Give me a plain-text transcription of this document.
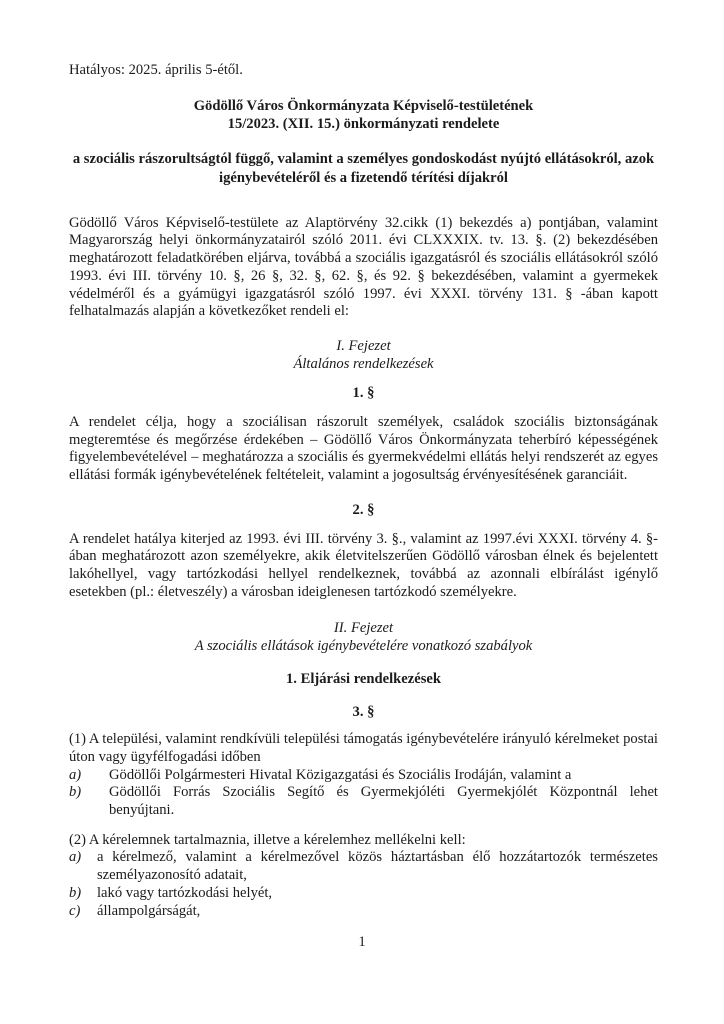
Hatályos: 2025. április 5-étől.

Gödöllő Város Önkormányzata Képviselő-testületének
15/2023. (XII. 15.) önkormányzati rendelete
a szociális rászorultságtól függő, valamint a személyes gondoskodást nyújtó ellátásokról, azok
igénybevételéről és a fizetendő térítési díjakról

Gödöllő Város Képviselő-testülete az Alaptörvény 32.cikk (1) bekezdés a) pontjában, valamint Magyarország helyi önkormányzatairól szóló 2011. évi CLXXXIX. tv. 13. §. (2) bekezdésében meghatározott feladatkörében eljárva, továbbá a szociális igazgatásról és szociális ellátásokról szóló 1993. évi III. törvény 10. §, 26 §, 32. §, 62. §, és 92. § bekezdésében, valamint a gyermekek védelméről és a gyámügyi igazgatásról szóló 1997. évi XXXI. törvény 131. § -ában kapott felhatalmazás alapján a következőket rendeli el:

I. Fejezet
Általános rendelkezések
1. §

A rendelet célja, hogy a szociálisan rászorult személyek, családok szociális biztonságának megteremtése és megőrzése érdekében – Gödöllő Város Önkormányzata teherbíró képességének figyelembevételével – meghatározza a szociális és gyermekvédelmi ellátás helyi rendszerét az egyes ellátási formák igénybevételének feltételeit, valamint a jogosultság érvényesítésének garanciáit.

2. §

A rendelet hatálya kiterjed az 1993. évi III. törvény 3. §., valamint az 1997.évi XXXI. törvény 4. §-ában meghatározott azon személyekre, akik életvitelszerűen Gödöllő városban élnek és bejelentett lakóhellyel, vagy tartózkodási hellyel rendelkeznek, továbbá az azonnali elbírálást igénylő esetekben (pl.: életveszély) a városban ideiglenesen tartózkodó személyekre.

II. Fejezet
A szociális ellátások igénybevételére vonatkozó szabályok
1. Eljárási rendelkezések
3. §

(1) A települési, valamint rendkívüli települési támogatás igénybevételére irányuló kérelmeket postai úton vagy ügyfélfogadási időben

a) Gödöllői Polgármesteri Hivatal Közigazgatási és Szociális Irodáján, valamint a
b) Gödöllői Forrás Szociális Segítő és Gyermekjóléti Gyermekjólét Központnál lehet benyújtani.

(2) A kérelemnek tartalmaznia, illetve a kérelemhez mellékelni kell:

a) a kérelmező, valamint a kérelmezővel közös háztartásban élő hozzátartozók természetes személyazonosító adatait,
b) lakó vagy tartózkodási helyét,
c) állampolgárságát,
1
